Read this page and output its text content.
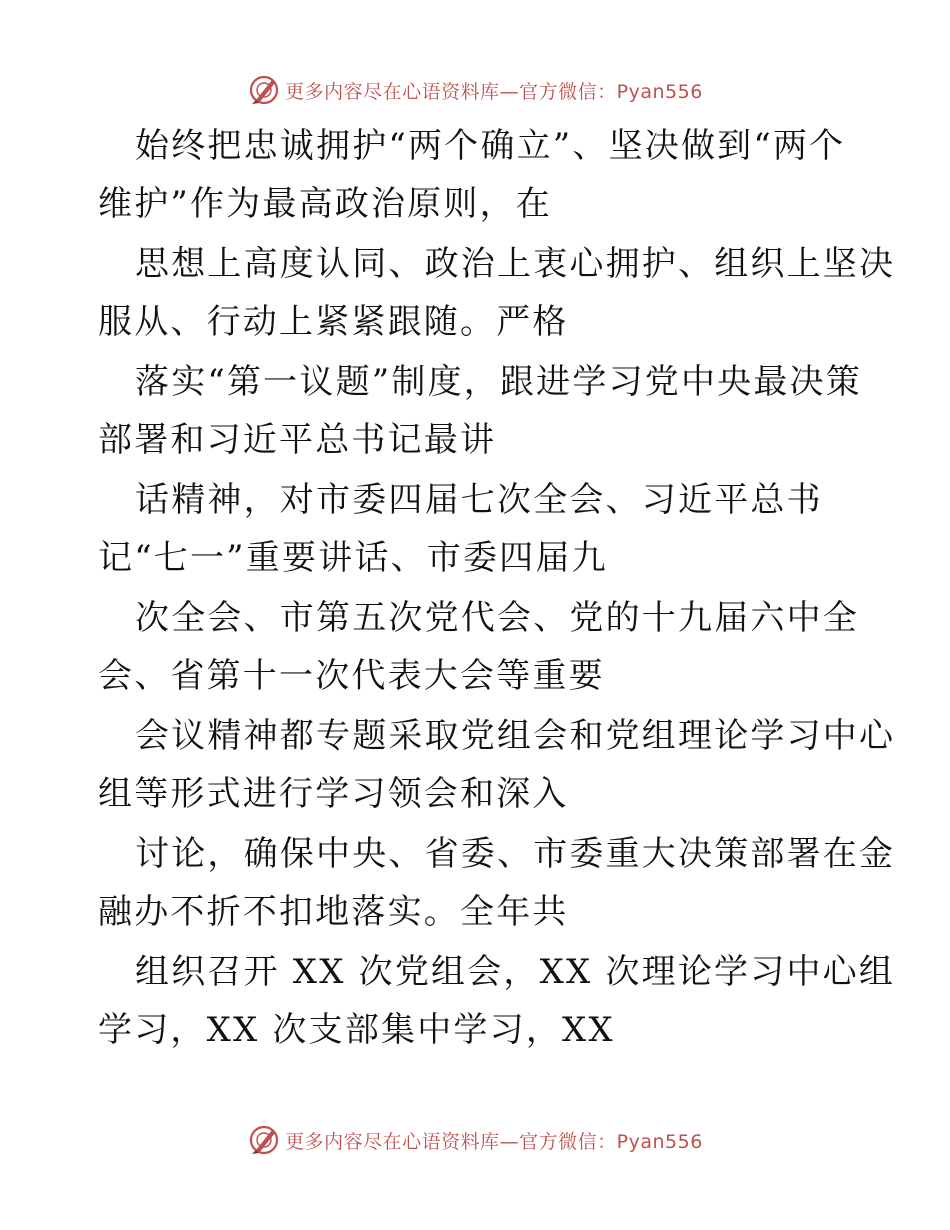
更多内容尽在心语资料库—官方微信：Pyan556
始终把忠诚拥护“两个确立”、坚决做到“两个
维护”作为最高政治原则，在
思想上高度认同、政治上衷心拥护、组织上坚决
服从、行动上紧紧跟随。严格
落实“第一议题”制度，跟进学习党中央最决策
部署和习近平总书记最讲
话精神，对市委四届七次全会、习近平总书
记“七一”重要讲话、市委四届九
次全会、市第五次党代会、党的十九届六中全
会、省第十一次代表大会等重要
会议精神都专题采取党组会和党组理论学习中心
组等形式进行学习领会和深入
讨论，确保中央、省委、市委重大决策部署在金
融办不折不扣地落实。全年共
组织召开 XX 次党组会，XX 次理论学习中心组
学习，XX 次支部集中学习，XX
更多内容尽在心语资料库—官方微信：Pyan556
